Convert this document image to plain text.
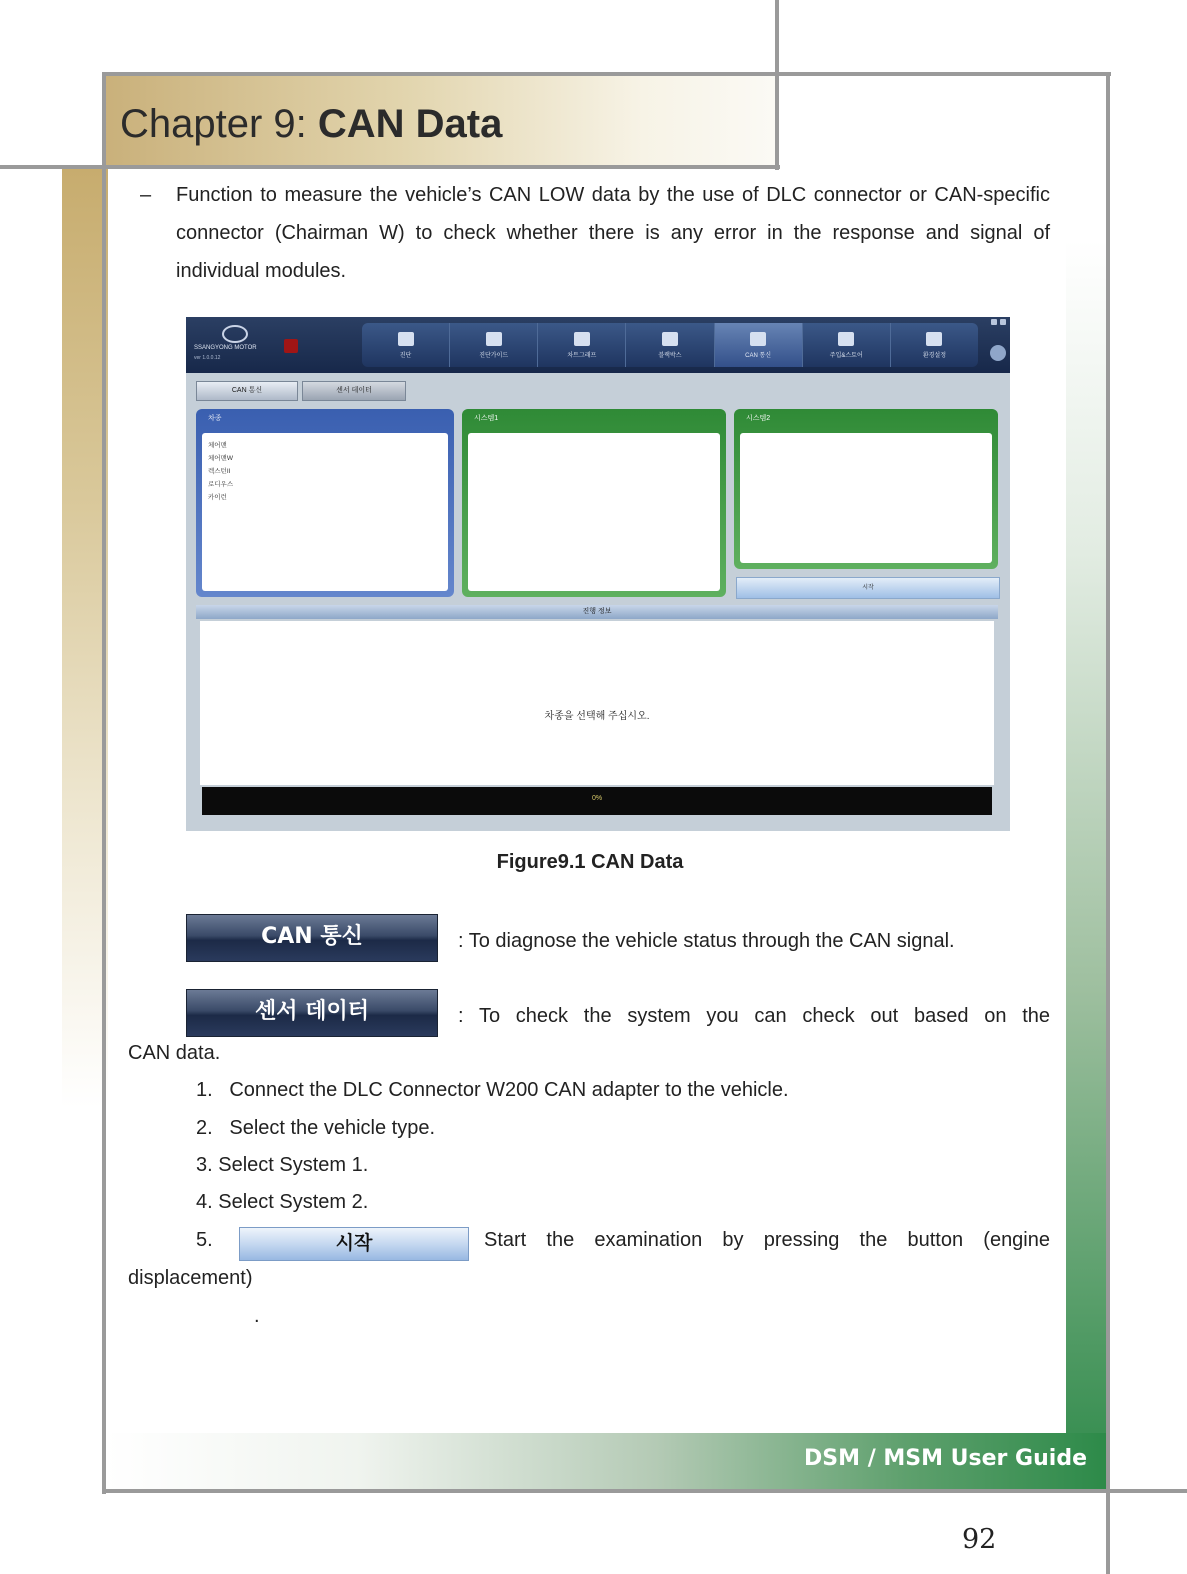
Chapter 9: CAN Data
– Function to measure the vehicle’s CAN LOW data by the use of DLC connector or CAN-specific connector (Chairman W) to check whether there is any error in the response and signal of individual modules.
SSANGYONG MOTOR
ver 1.0.0.12	진단	진단가이드	차트그래프	블랙박스	CAN 통신	주입&스토어	환경설정
CAN 통신	센서 데이터
차종
체어맨
체어맨W
렉스턴II
로디우스
카이런
시스템1	시스템2
시작
진행 정보
차종을 선택해 주십시오.
0%
Figure9.1 CAN Data
CAN 통신	: To diagnose the vehicle status through the CAN signal.
센서 데이터	: To check the system you can check out based on the
CAN data.
1.   Connect the DLC Connector W200 CAN adapter to the vehicle.
2.   Select the vehicle type.
3. Select System 1.
4. Select System 2.
5.	시작	Start the examination by pressing the button (engine
displacement)
.
DSM / MSM User Guide
92
